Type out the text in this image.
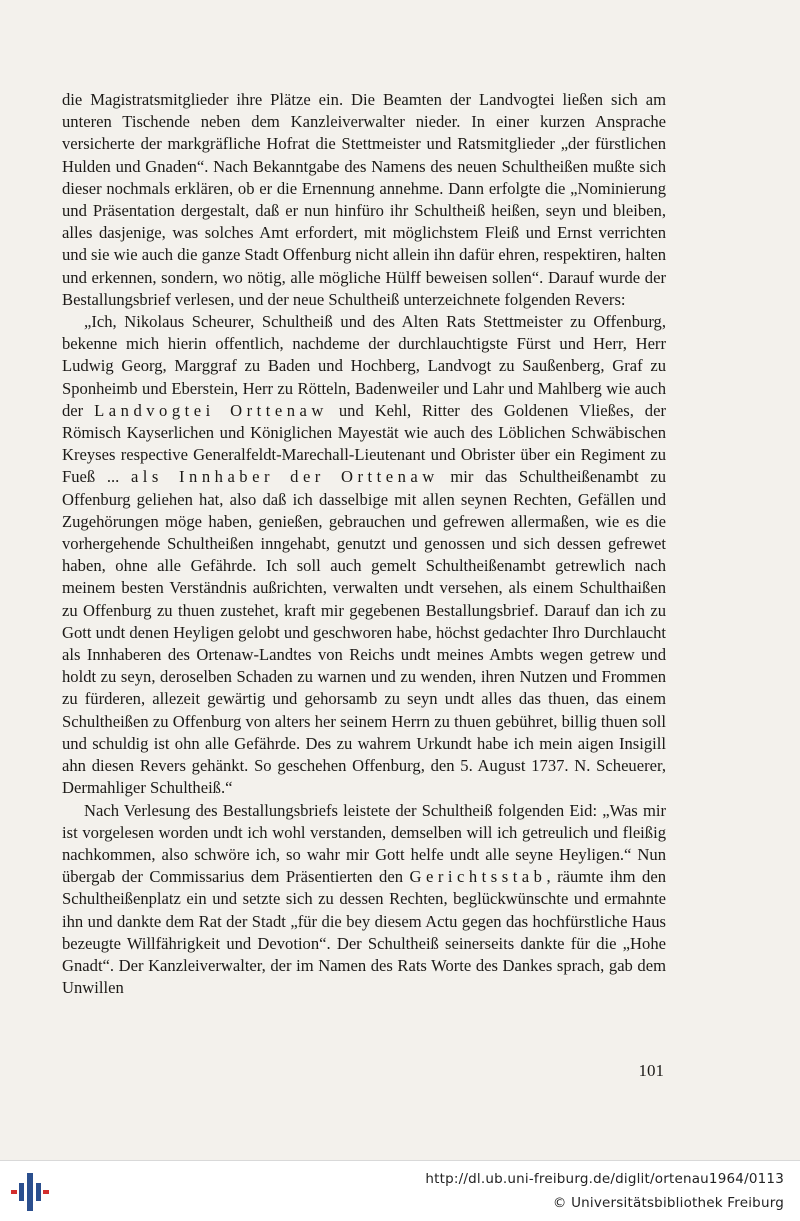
die Magistratsmitglieder ihre Plätze ein. Die Beamten der Landvogtei ließen sich am unteren Tischende neben dem Kanzleiverwalter nieder. In einer kurzen Ansprache versicherte der markgräfliche Hofrat die Stettmeister und Ratsmitglieder „der fürstlichen Hulden und Gnaden“. Nach Bekanntgabe des Namens des neuen Schultheißen mußte sich dieser nochmals erklären, ob er die Ernennung annehme. Dann erfolgte die „Nominierung und Präsentation dergestalt, daß er nun hinfüro ihr Schultheiß heißen, seyn und bleiben, alles dasjenige, was solches Amt erfordert, mit möglichstem Fleiß und Ernst verrichten und sie wie auch die ganze Stadt Offenburg nicht allein ihn dafür ehren, respektiren, halten und erkennen, sondern, wo nötig, alle mögliche Hülff beweisen sollen“. Darauf wurde der Bestallungsbrief verlesen, und der neue Schultheiß unterzeichnete folgenden Revers:

„Ich, Nikolaus Scheurer, Schultheiß und des Alten Rats Stettmeister zu Offenburg, bekenne mich hierin offentlich, nachdeme der durchlauchtigste Fürst und Herr, Herr Ludwig Georg, Marggraf zu Baden und Hochberg, Landvogt zu Saußenberg, Graf zu Sponheimb und Eberstein, Herr zu Rötteln, Badenweiler und Lahr und Mahlberg wie auch der Landvogtei Orttenaw und Kehl, Ritter des Goldenen Vließes, der Römisch Kayserlichen und Königlichen Mayestät wie auch des Löblichen Schwäbischen Kreyses respective Generalfeldt-Marechall-Lieutenant und Obrister über ein Regiment zu Fueß ... als Innhaber der Orttenaw mir das Schultheißenambt zu Offenburg geliehen hat, also daß ich dasselbige mit allen seynen Rechten, Gefällen und Zugehörungen möge haben, genießen, gebrauchen und gefrewen allermaßen, wie es die vorhergehende Schultheißen inngehabt, genutzt und genossen und sich dessen gefrewet haben, ohne alle Gefährde. Ich soll auch gemelt Schultheißenambt getrewlich nach meinem besten Verständnis außrichten, verwalten undt versehen, als einem Schulthaißen zu Offenburg zu thuen zustehet, kraft mir gegebenen Bestallungsbrief. Darauf dan ich zu Gott undt denen Heyligen gelobt und geschworen habe, höchst gedachter Ihro Durchlaucht als Innhaberen des Ortenaw-Landtes von Reichs undt meines Ambts wegen getrew und holdt zu seyn, deroselben Schaden zu warnen und zu wenden, ihren Nutzen und Frommen zu fürderen, allezeit gewärtig und gehorsamb zu seyn undt alles das thuen, das einem Schultheißen zu Offenburg von alters her seinem Herrn zu thuen gebühret, billig thuen soll und schuldig ist ohn alle Gefährde. Des zu wahrem Urkundt habe ich mein aigen Insigill ahn diesen Revers gehänkt. So geschehen Offenburg, den 5. August 1737. N. Scheuerer, Dermahliger Schultheiß.“

Nach Verlesung des Bestallungsbriefs leistete der Schultheiß folgenden Eid: „Was mir ist vorgelesen worden undt ich wohl verstanden, demselben will ich getreulich und fleißig nachkommen, also schwöre ich, so wahr mir Gott helfe undt alle seyne Heyligen.“ Nun übergab der Commissarius dem Präsentierten den Gerichtsstab, räumte ihm den Schultheißenplatz ein und setzte sich zu dessen Rechten, beglückwünschte und ermahnte ihn und dankte dem Rat der Stadt „für die bey diesem Actu gegen das hochfürstliche Haus bezeugte Willfährigkeit und Devotion“. Der Schultheiß seinerseits dankte für die „Hohe Gnadt“. Der Kanzleiverwalter, der im Namen des Rats Worte des Dankes sprach, gab dem Unwillen

101
http://dl.ub.uni-freiburg.de/diglit/ortenau1964/0113
© Universitätsbibliothek Freiburg
